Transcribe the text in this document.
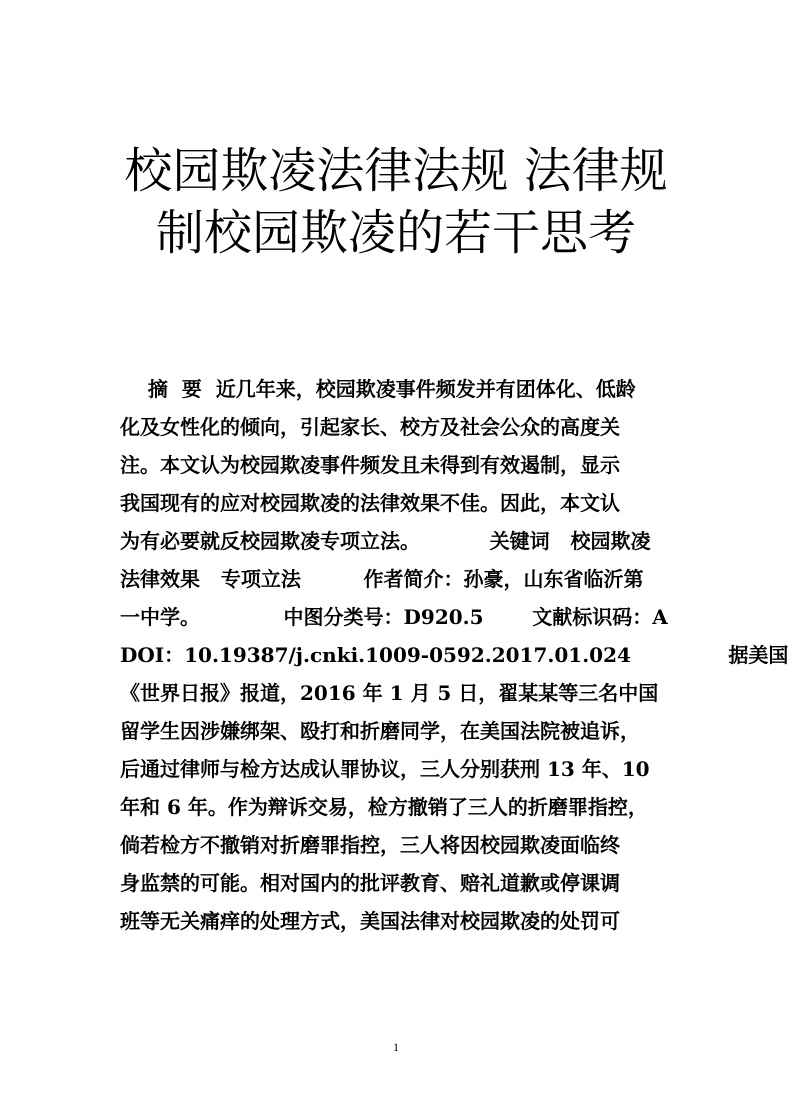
校园欺凌法律法规 法律规
制校园欺凌的若干思考
摘  要  近几年来，校园欺凌事件频发并有团体化、低龄
化及女性化的倾向，引起家长、校方及社会公众的高度关
注。本文认为校园欺凌事件频发且未得到有效遏制，显示
我国现有的应对校园欺凌的法律效果不佳。因此，本文认
为有必要就反校园欺凌专项立法。          关键词   校园欺凌
法律效果   专项立法         作者简介：孙豪，山东省临沂第
一中学。            中图分类号：D920.5       文献标识码：A
DOI：10.19387/j.cnki.1009-0592.2017.01.024              据美国
《世界日报》报道，2016 年 1 月 5 日，翟某某等三名中国
留学生因涉嫌绑架、殴打和折磨同学，在美国法院被追诉，
后通过律师与检方达成认罪协议，三人分别获刑 13 年、10
年和 6 年。作为辩诉交易，检方撤销了三人的折磨罪指控，
倘若检方不撤销对折磨罪指控，三人将因校园欺凌面临终
身监禁的可能。相对国内的批评教育、赔礼道歉或停课调
班等无关痛痒的处理方式，美国法律对校园欺凌的处罚可
1
